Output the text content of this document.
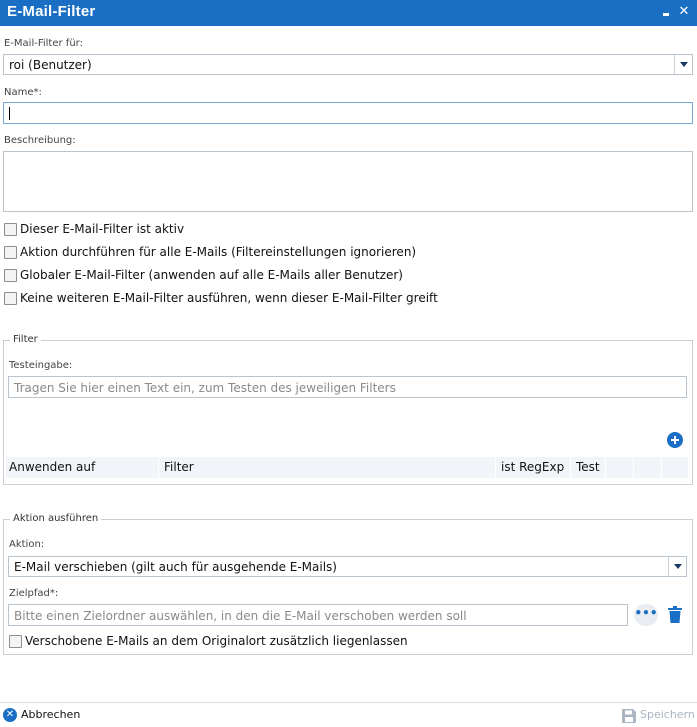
E-Mail-Filter	✕
E-Mail-Filter für:
roi (Benutzer)
Name*:
Beschreibung:
Dieser E-Mail-Filter ist aktiv
Aktion durchführen für alle E-Mails (Filtereinstellungen ignorieren)
Globaler E-Mail-Filter (anwenden auf alle E-Mails aller Benutzer)
Keine weiteren E-Mail-Filter ausführen, wenn dieser E-Mail-Filter greift
Filter
Testeingabe:
Tragen Sie hier einen Text ein, zum Testen des jeweiligen Filters
Anwenden auf	Filter	ist RegExp Test
Aktion ausführen
Aktion:
E-Mail verschieben (gilt auch für ausgehende E-Mails)
Zielpfad*:
Bitte einen Zielordner auswählen, in den die E-Mail verschoben werden soll	•••
Verschobene E-Mails an dem Originalort zusätzlich liegenlassen
✕ Abbrechen	Speichern
